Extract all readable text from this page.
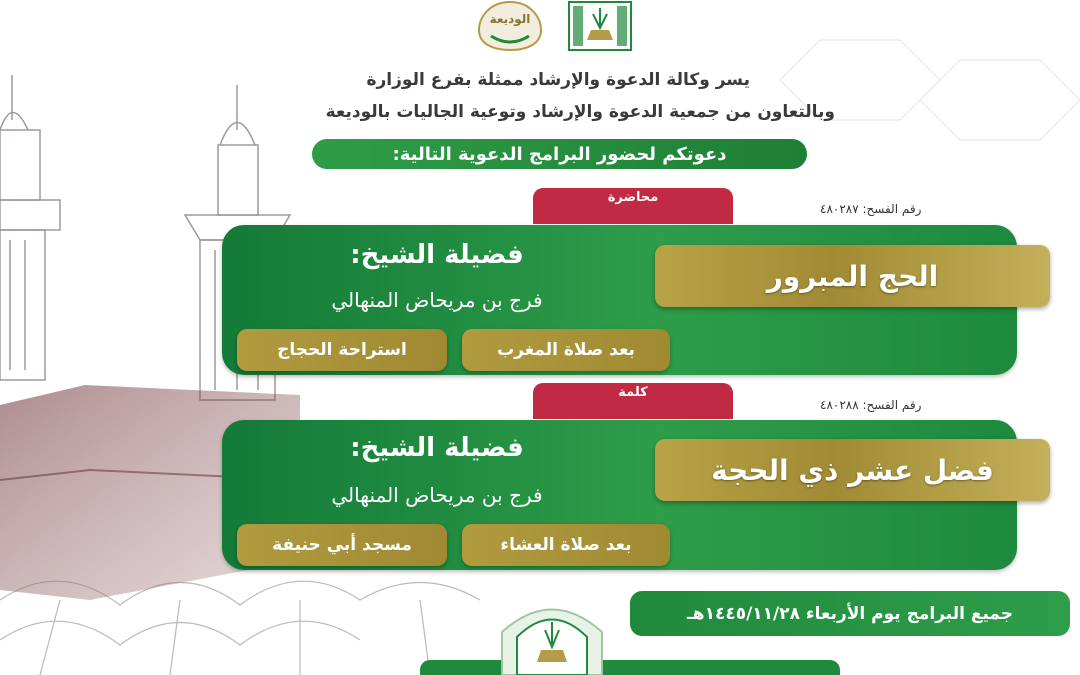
الوديعة
يسر وكالة الدعوة والإرشاد ممثلة بفرع الوزارة
وبالتعاون من جمعية الدعوة والإرشاد وتوعية الجاليات بالوديعة
دعوتكم لحضور البرامج الدعوية التالية:
محاضرة
رقم الفسح: ٤٨٠٢٨٧
الحج المبرور
فضيلة الشيخ:
فرج بن مريحاض المنهالي
بعد صلاة المغرب
استراحة الحجاج
كلمة
رقم الفسح: ٤٨٠٢٨٨
فضل عشر ذي الحجة
فضيلة الشيخ:
فرج بن مريحاض المنهالي
بعد صلاة العشاء
مسجد أبي حنيفة
جميع البرامج يوم الأربعاء ١٤٤٥/١١/٢٨هـ
